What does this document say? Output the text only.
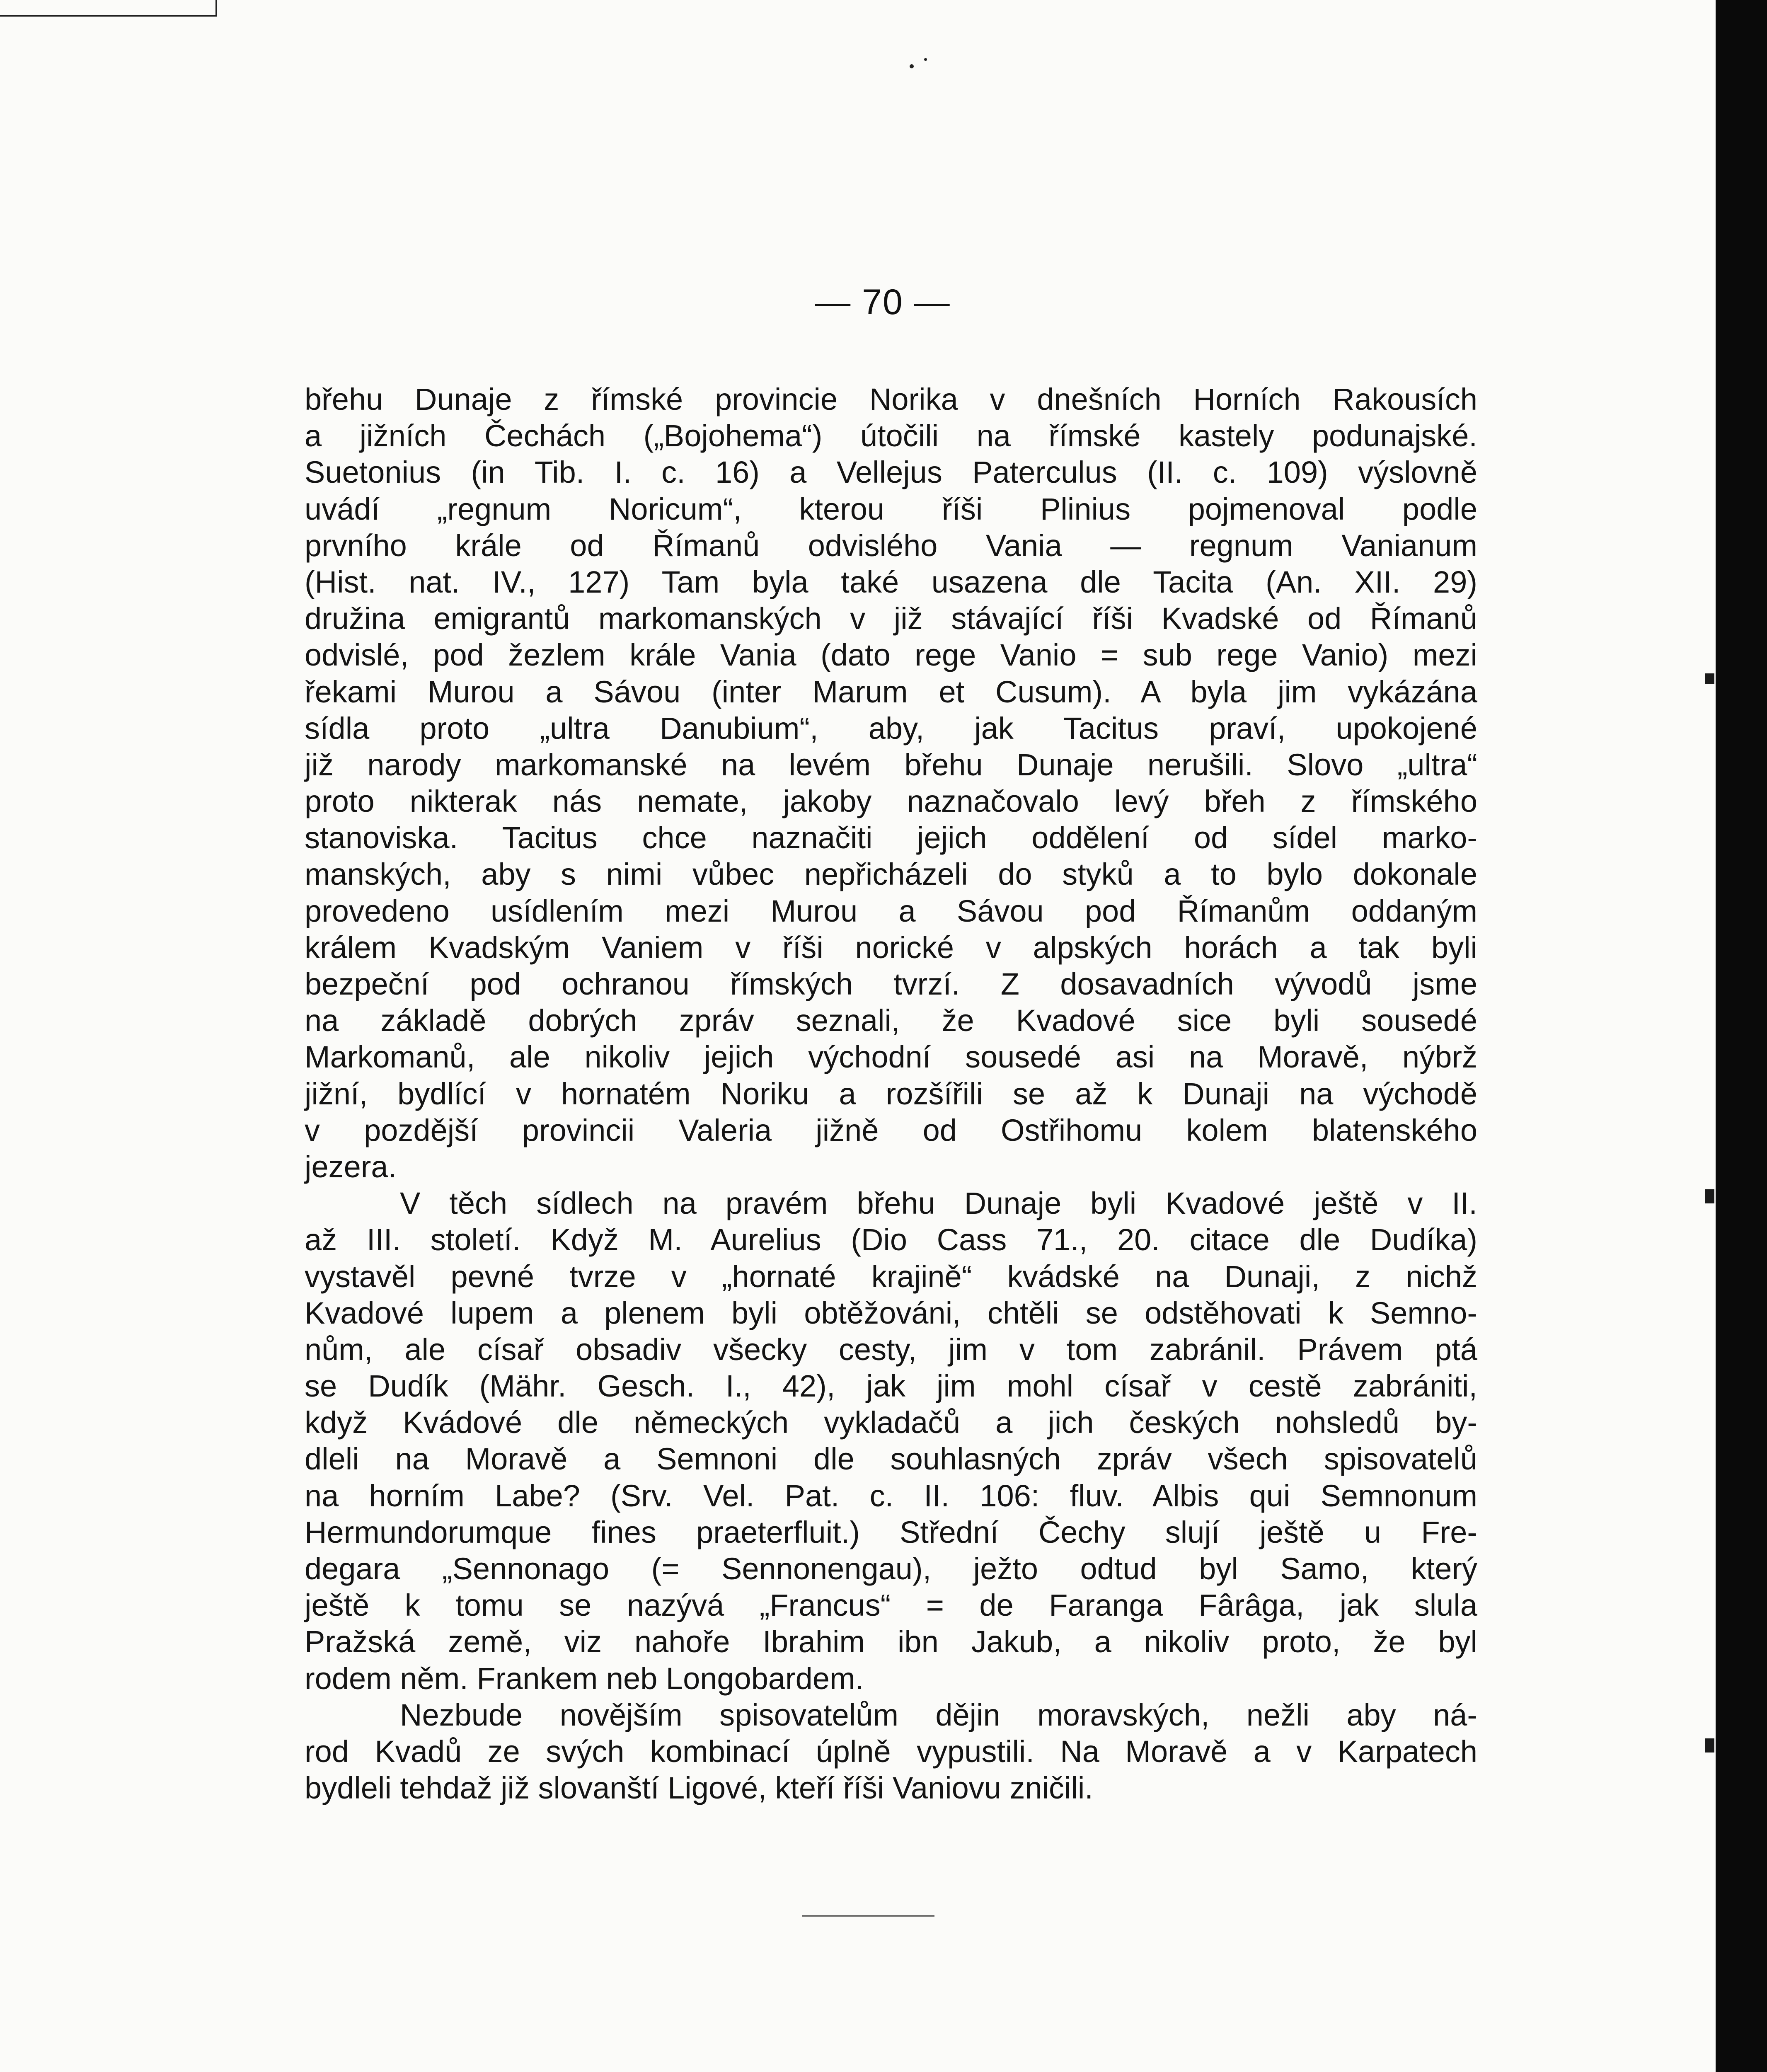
— 70 —
břehu Dunaje z římské provincie Norika v dnešních Horních Rakousích
a jižních Čechách („Bojohema“) útočili na římské kastely podunajské.
Suetonius (in Tib. I. c. 16) a Vellejus Paterculus (II. c. 109) výslovně
uvádí „regnum Noricum“, kterou říši Plinius pojmenoval podle
prvního krále od Římanů odvislého Vania — regnum Vanianum
(Hist. nat. IV., 127) Tam byla také usazena dle Tacita (An. XII. 29)
družina emigrantů markomanských v již stávající říši Kvadské od Římanů
odvislé, pod žezlem krále Vania (dato rege Vanio = sub rege Vanio) mezi
řekami Murou a Sávou (inter Marum et Cusum). A byla jim vykázána
sídla proto „ultra Danubium“, aby, jak Tacitus praví, upokojené
již narody markomanské na levém břehu Dunaje nerušili. Slovo „ultra“
proto nikterak nás nemate, jakoby naznačovalo levý břeh z římského
stanoviska. Tacitus chce naznačiti jejich oddělení od sídel marko-
manských, aby s nimi vůbec nepřicházeli do styků a to bylo dokonale
provedeno usídlením mezi Murou a Sávou pod Římanům oddaným
králem Kvadským Vaniem v říši norické v alpských horách a tak byli
bezpeční pod ochranou římských tvrzí. Z dosavadních vývodů jsme
na základě dobrých zpráv seznali, že Kvadové sice byli sousedé
Markomanů, ale nikoliv jejich východní sousedé asi na Moravě, nýbrž
jižní, bydlící v hornatém Noriku a rozšířili se až k Dunaji na východě
v pozdější provincii Valeria jižně od Ostřihomu kolem blatenského
jezera.
V těch sídlech na pravém břehu Dunaje byli Kvadové ještě v II.
až III. století. Když M. Aurelius (Dio Cass 71., 20. citace dle Dudíka)
vystavěl pevné tvrze v „hornaté krajině“ kvádské na Dunaji, z nichž
Kvadové lupem a plenem byli obtěžováni, chtěli se odstěhovati k Semno-
nům, ale císař obsadiv všecky cesty, jim v tom zabránil. Právem ptá
se Dudík (Mähr. Gesch. I., 42), jak jim mohl císař v cestě zabrániti,
když Kvádové dle německých vykladačů a jich českých nohsledů by-
dleli na Moravě a Semnoni dle souhlasných zpráv všech spisovatelů
na horním Labe? (Srv. Vel. Pat. c. II. 106: fluv. Albis qui Semnonum
Hermundorumque fines praeterfluit.) Střední Čechy slují ještě u Fre-
degara „Sennonago (= Sennonengau), ježto odtud byl Samo, který
ještě k tomu se nazývá „Francus“ = de Faranga Fârâga, jak slula
Pražská země, viz nahoře Ibrahim ibn Jakub, a nikoliv proto, že byl
rodem něm. Frankem neb Longobardem.
Nezbude novějším spisovatelům dějin moravských, nežli aby ná-
rod Kvadů ze svých kombinací úplně vypustili. Na Moravě a v Karpatech
bydleli tehdaž již slovanští Ligové, kteří říši Vaniovu zničili.
